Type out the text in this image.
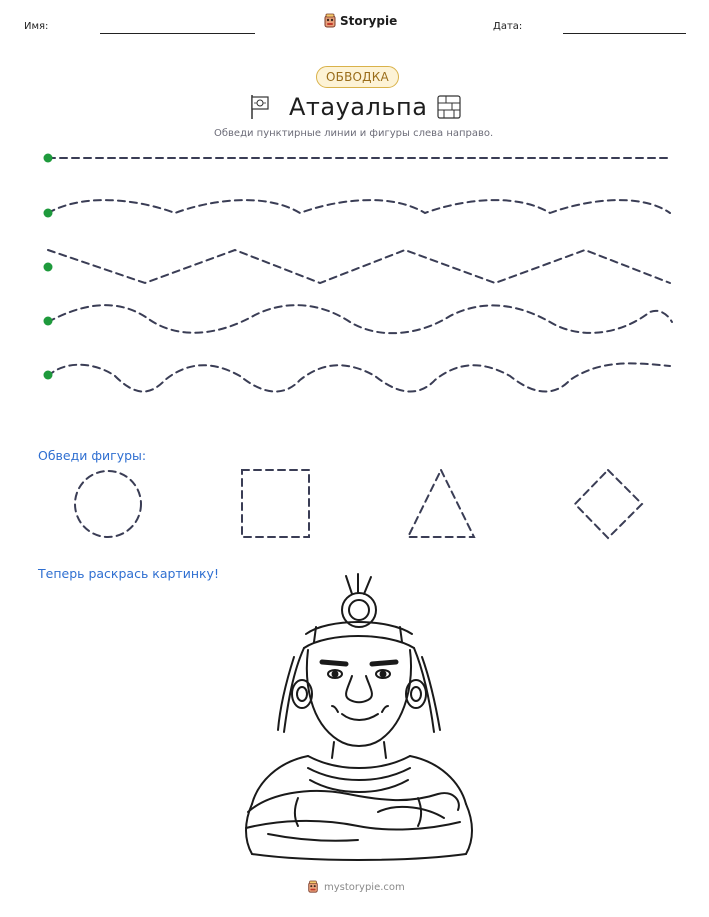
Имя:	Storypie	Дата:
ОБВОДКА
Атауальпа
Обведи пунктирные линии и фигуры слева направо.
Обведи фигуры:
Теперь раскрась картинку!
mystorypie.com
